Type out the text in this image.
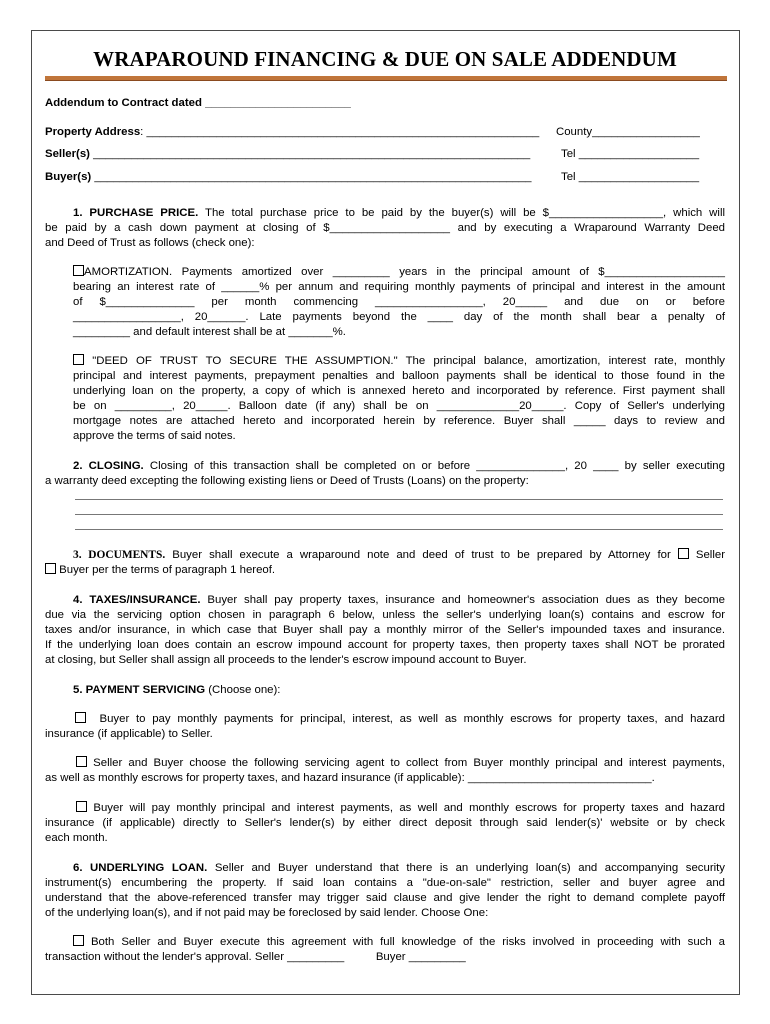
WRAPAROUND FINANCING & DUE ON SALE ADDENDUM
Addendum to Contract dated _______________________
Property Address: ______________________________________________________________ County_________________
Seller(s) _____________________________________________________________________	Tel ___________________
Buyer(s) _____________________________________________________________________	Tel ___________________
1. PURCHASE PRICE. The total purchase price to be paid by the buyer(s) will be $__________________, which will
be paid by a cash down payment at closing of $___________________ and by executing a Wraparound Warranty Deed
and Deed of Trust as follows (check one):
AMORTIZATION. Payments amortized over _________ years in the principal amount of $___________________
bearing an interest rate of ______% per annum and requiring monthly payments of principal and interest in the amount
of $______________ per month commencing _________________, 20_____ and due on or before
_________________, 20______. Late payments beyond the ____ day of the month shall bear a penalty of
_________ and default interest shall be at _______%.
"DEED OF TRUST TO SECURE THE ASSUMPTION." The principal balance, amortization, interest rate, monthly
principal and interest payments, prepayment penalties and balloon payments shall be identical to those found in the
underlying loan on the property, a copy of which is annexed hereto and incorporated by reference. First payment shall
be on _________, 20_____. Balloon date (if any) shall be on _____________20_____. Copy of Seller's underlying
mortgage notes are attached hereto and incorporated herein by reference. Buyer shall _____ days to review and
approve the terms of said notes.
2. CLOSING. Closing of this transaction shall be completed on or before ______________, 20 ____ by seller executing
a warranty deed excepting the following existing liens or Deed of Trusts (Loans) on the property:
3. DOCUMENTS. Buyer shall execute a wraparound note and deed of trust to be prepared by Attorney for Seller
Buyer per the terms of paragraph 1 hereof.
4. TAXES/INSURANCE. Buyer shall pay property taxes, insurance and homeowner's association dues as they become
due via the servicing option chosen in paragraph 6 below, unless the seller's underlying loan(s) contains and escrow for
taxes and/or insurance, in which case that Buyer shall pay a monthly mirror of the Seller's impounded taxes and insurance.
If the underlying loan does contain an escrow impound account for property taxes, then property taxes shall NOT be prorated
at closing, but Seller shall assign all proceeds to the lender's escrow impound account to Buyer.
5. PAYMENT SERVICING (Choose one):
Buyer to pay monthly payments for principal, interest, as well as monthly escrows for property taxes, and hazard
insurance (if applicable) to Seller.
Seller and Buyer choose the following servicing agent to collect from Buyer monthly principal and interest payments,
as well as monthly escrows for property taxes, and hazard insurance (if applicable): _____________________________.
Buyer will pay monthly principal and interest payments, as well and monthly escrows for property taxes and hazard
insurance (if applicable) directly to Seller's lender(s) by either direct deposit through said lender(s)' website or by check
each month.
6. UNDERLYING LOAN. Seller and Buyer understand that there is an underlying loan(s) and accompanying security
instrument(s) encumbering the property. If said loan contains a "due-on-sale" restriction, seller and buyer agree and
understand that the above-referenced transfer may trigger said clause and give lender the right to demand complete payoff
of the underlying loan(s), and if not paid may be foreclosed by said lender. Choose One:
Both Seller and Buyer execute this agreement with full knowledge of the risks involved in proceeding with such a
transaction without the lender's approval. Seller _________	Buyer _________
